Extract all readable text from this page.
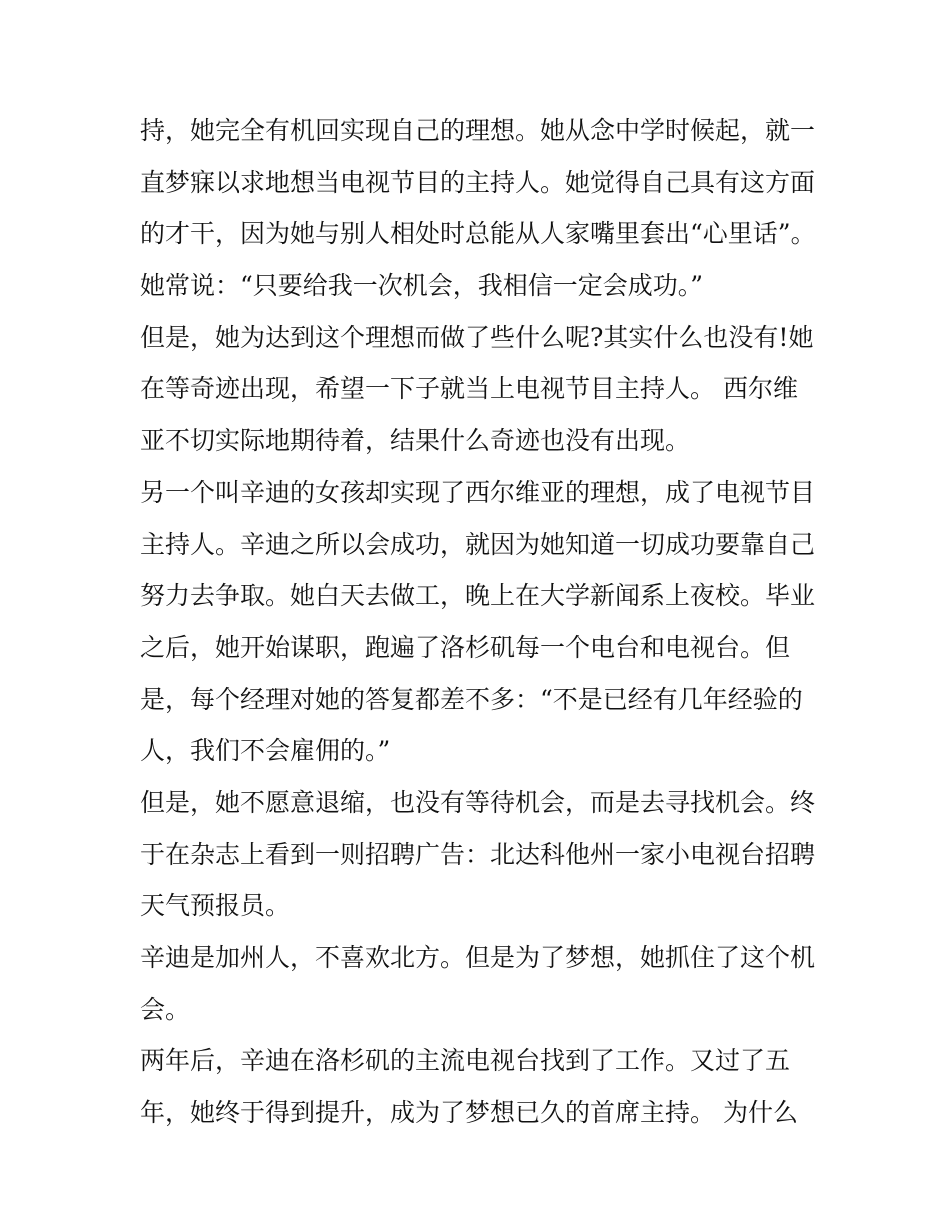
持，她完全有机回实现自己的理想。她从念中学时候起，就一
直梦寐以求地想当电视节目的主持人。她觉得自己具有这方面
的才干，因为她与别人相处时总能从人家嘴里套出“心里话”。
她常说：“只要给我一次机会，我相信一定会成功。”
但是，她为达到这个理想而做了些什么呢?其实什么也没有!她
在等奇迹出现，希望一下子就当上电视节目主持人。 西尔维
亚不切实际地期待着，结果什么奇迹也没有出现。
另一个叫辛迪的女孩却实现了西尔维亚的理想，成了电视节目
主持人。辛迪之所以会成功，就因为她知道一切成功要靠自己
努力去争取。她白天去做工，晚上在大学新闻系上夜校。毕业
之后，她开始谋职，跑遍了洛杉矶每一个电台和电视台。但
是，每个经理对她的答复都差不多：“不是已经有几年经验的
人，我们不会雇佣的。”
但是，她不愿意退缩，也没有等待机会，而是去寻找机会。终
于在杂志上看到一则招聘广告：北达科他州一家小电视台招聘
天气预报员。
辛迪是加州人，不喜欢北方。但是为了梦想，她抓住了这个机
会。
两年后，辛迪在洛杉矶的主流电视台找到了工作。又过了五
年，她终于得到提升，成为了梦想已久的首席主持。 为什么
